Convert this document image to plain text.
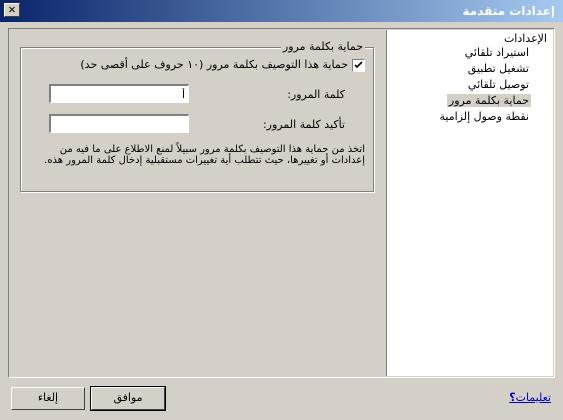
إعدادات متقدمة
✕
الإعدادات
استيراد تلقائي
تشغيل تطبيق
توصيل تلقائي
حماية بكلمة مرور
نقطة وصول إلزامية
حماية بكلمة مرور
حماية هذا التوصيف بكلمة مرور (١٠ حروف على أقصى حد)
كلمة المرور:
أ
تأكيد كلمة المرور:
اتخذ من حماية هذا التوصيف بكلمة مرور سبيلاً لمنع الاطلاع على ما فيه من إعدادات أو تغييرها، حيث تتطلب أية تغييرات مستقبلية إدخال كلمة المرور هذه.
إلغاء	موافق	تعليمات؟
